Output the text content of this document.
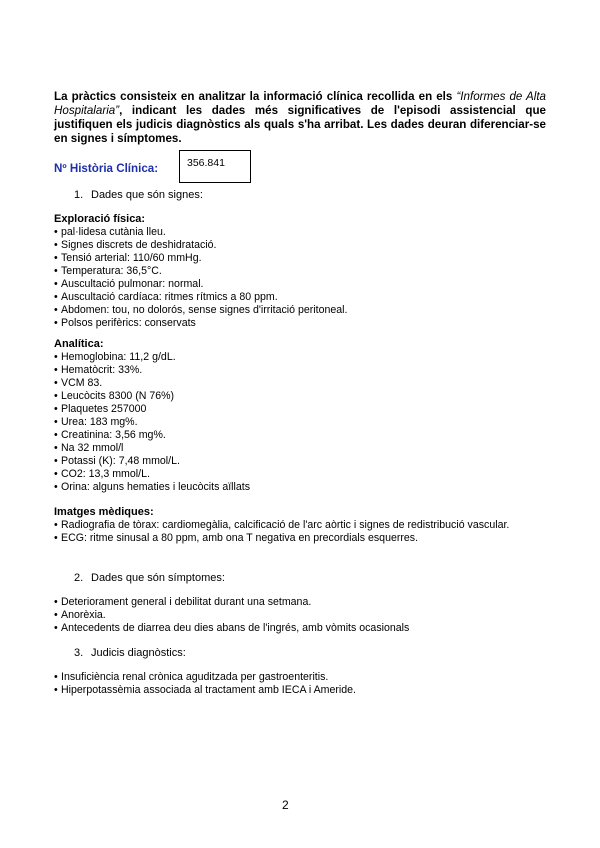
La pràctics consisteix en analitzar la informació clínica recollida en els “Informes de Alta Hospitalaria”, indicant les dades més significatives de l'episodi assistencial que justifiquen els judicis diagnòstics als quals s'ha arribat. Les dades deuran diferenciar-se en signes i símptomes.

Nº Història Clínica:	356.841
1. Dades que són signes:
Exploració física:
• pal·lidesa cutània lleu.
• Signes discrets de deshidratació.
• Tensió arterial: 110/60 mmHg.
• Temperatura: 36,5°C.
• Auscultació pulmonar: normal.
• Auscultació cardíaca: ritmes rítmics a 80 ppm.
• Abdomen: tou, no dolorós, sense signes d'irritació peritoneal.
• Polsos perifèrics: conservats
Analítica:
• Hemoglobina: 11,2 g/dL.
• Hematòcrit: 33%.
• VCM 83.
• Leucòcits 8300 (N 76%)
• Plaquetes 257000
• Urea: 183 mg%.
• Creatinina: 3,56 mg%.
• Na 32 mmol/l
• Potassi (K): 7,48 mmol/L.
• CO2: 13,3 mmol/L.
• Orina: alguns hematies i leucòcits aïllats
Imatges mèdiques:
• Radiografia de tòrax: cardiomegàlia, calcificació de l'arc aòrtic i signes de redistribució vascular.
• ECG: ritme sinusal a 80 ppm, amb ona T negativa en precordials esquerres.
2. Dades que són símptomes:
• Deteriorament general i debilitat durant una setmana.
• Anorèxia.
• Antecedents de diarrea deu dies abans de l'ingrés, amb vòmits ocasionals
3. Judicis diagnòstics:
• Insuficiència renal crònica aguditzada per gastroenteritis.
• Hiperpotassèmia associada al tractament amb IECA i Ameride.
2
